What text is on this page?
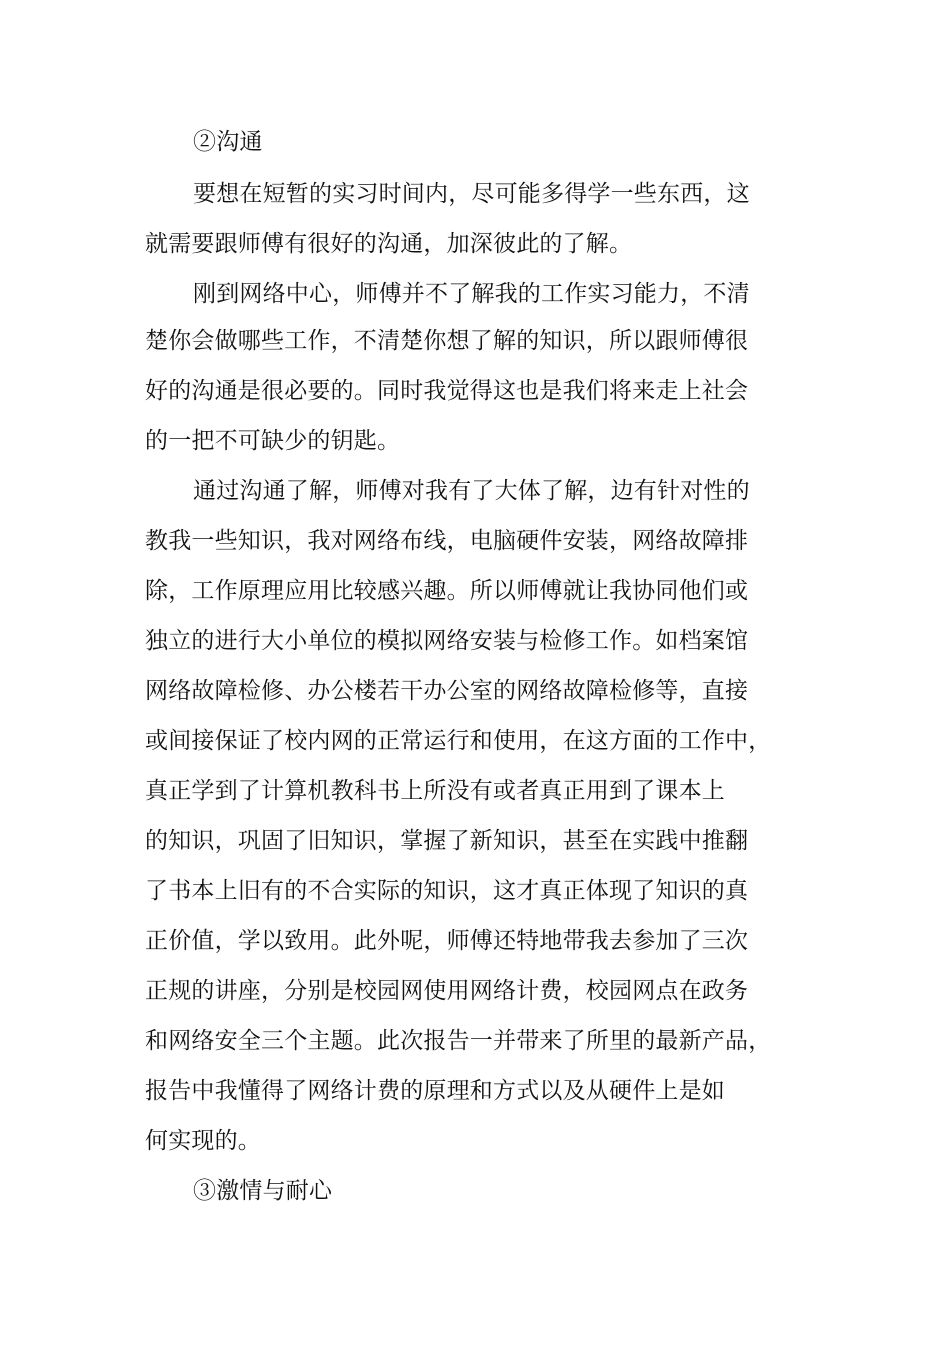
②沟通
要想在短暂的实习时间内，尽可能多得学一些东西，这
就需要跟师傅有很好的沟通，加深彼此的了解。
刚到网络中心，师傅并不了解我的工作实习能力，不清
楚你会做哪些工作，不清楚你想了解的知识，所以跟师傅很
好的沟通是很必要的。同时我觉得这也是我们将来走上社会
的一把不可缺少的钥匙。
通过沟通了解，师傅对我有了大体了解，边有针对性的
教我一些知识，我对网络布线，电脑硬件安装，网络故障排
除，工作原理应用比较感兴趣。所以师傅就让我协同他们或
独立的进行大小单位的模拟网络安装与检修工作。如档案馆
网络故障检修、办公楼若干办公室的网络故障检修等，直接
或间接保证了校内网的正常运行和使用，在这方面的工作中，
真正学到了计算机教科书上所没有或者真正用到了课本上
的知识，巩固了旧知识，掌握了新知识，甚至在实践中推翻
了书本上旧有的不合实际的知识，这才真正体现了知识的真
正价值，学以致用。此外呢，师傅还特地带我去参加了三次
正规的讲座，分别是校园网使用网络计费，校园网点在政务
和网络安全三个主题。此次报告一并带来了所里的最新产品，
报告中我懂得了网络计费的原理和方式以及从硬件上是如
何实现的。
③激情与耐心
